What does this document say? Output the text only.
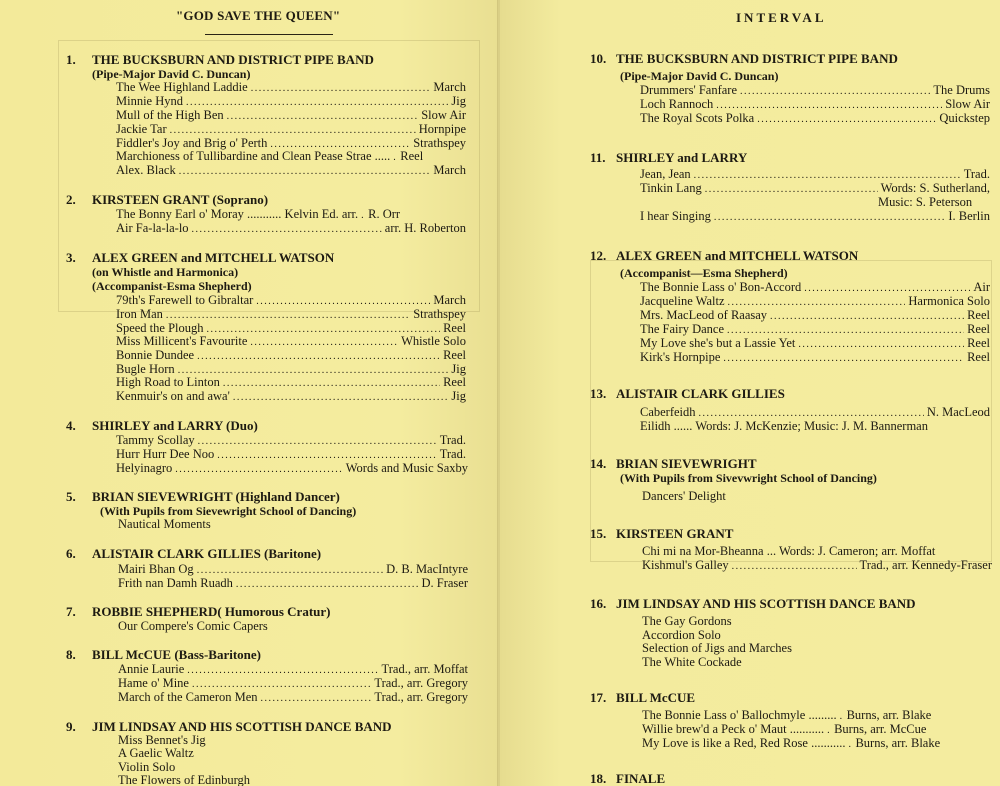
"GOD SAVE THE QUEEN"
1. THE BUCKSBURN AND DISTRICT PIPE BAND
(Pipe-Major David C. Duncan)
The Wee Highland Laddie . . .	March
Minnie Hynd . . .	Jig
Mull of the High Ben . . .	Slow Air
Jackie Tar . . .	Hornpipe
Fiddler's Joy and Brig o' Perth . . .	Strathspey
Marchioness of Tullibardine and Clean Pease Strae ..... . . . Reel
Alex. Black . . .	March
2. KIRSTEEN GRANT (Soprano)
The Bonny Earl o' Moray ........... Kelvin Ed. arr. . . . R. Orr
Air Fa-la-la-lo . . .	arr. H. Roberton
3. ALEX GREEN and MITCHELL WATSON
(on Whistle and Harmonica)
(Accompanist-Esma Shepherd)
79th's Farewell to Gibraltar . . .	March
Iron Man . . .	Strathspey
Speed the Plough . . .	Reel
Miss Millicent's Favourite . . .	Whistle Solo
Bonnie Dundee . . .	Reel
Bugle Horn . . .	Jig
High Road to Linton . . .	Reel
Kenmuir's on and awa' . . .	Jig
4. SHIRLEY and LARRY (Duo)
Tammy Scollay . . .	Trad.
Hurr Hurr Dee Noo . . .	Trad.
Helyinagro . . .	Words and Music Saxby
5. BRIAN SIEVEWRIGHT (Highland Dancer)
(With Pupils from Sievewright School of Dancing)
Nautical Moments
6. ALISTAIR CLARK GILLIES (Baritone)
Mairi Bhan Og . . .	D. B. MacIntyre
Frith nan Damh Ruadh . . .	D. Fraser
7. ROBBIE SHEPHERD( Humorous Cratur)
Our Compere's Comic Capers
8. BILL McCUE (Bass-Baritone)
Annie Laurie . . .	Trad., arr. Moffat
Hame o' Mine . . .	Trad., arr. Gregory
March of the Cameron Men . . .	Trad., arr. Gregory
9. JIM LINDSAY AND HIS SCOTTISH DANCE BAND
Miss Bennet's Jig
A Gaelic Waltz
Violin Solo
The Flowers of Edinburgh
INTERVAL
10. THE BUCKSBURN AND DISTRICT PIPE BAND
(Pipe-Major David C. Duncan)
Drummers' Fanfare . . .	The Drums
Loch Rannoch . . .	Slow Air
The Royal Scots Polka . . .	Quickstep
11. SHIRLEY and LARRY
Jean, Jean . . .	Trad.
Tinkin Lang . . .	Words: S. Sutherland,
Music: S. Peterson
I hear Singing . . .	I. Berlin
12. ALEX GREEN and MITCHELL WATSON
(Accompanist—Esma Shepherd)
The Bonnie Lass o' Bon-Accord . . .	Air
Jacqueline Waltz . . .	Harmonica Solo
Mrs. MacLeod of Raasay . . .	Reel
The Fairy Dance . . .	Reel
My Love she's but a Lassie Yet . . .	Reel
Kirk's Hornpipe . . .	Reel
13. ALISTAIR CLARK GILLIES
Caberfeidh . . .	N. MacLeod
Eilidh ...... Words: J. McKenzie; Music: J. M. Bannerman
14. BRIAN SIEVEWRIGHT
(With Pupils from Sivevwright School of Dancing)
Dancers' Delight
15. KIRSTEEN GRANT
Chi mi na Mor-Bheanna ... Words: J. Cameron; arr. Moffat
Kishmul's Galley . . .	Trad., arr. Kennedy-Fraser
16. JIM LINDSAY AND HIS SCOTTISH DANCE BAND
The Gay Gordons
Accordion Solo
Selection of Jigs and Marches
The White Cockade
17. BILL McCUE
The Bonnie Lass o' Ballochmyle ......... . . . Burns, arr. Blake
Willie brew'd a Peck o' Maut ........... . . . Burns, arr. McCue
My Love is like a Red, Red Rose ........... . . . Burns, arr. Blake
18. FINALE
